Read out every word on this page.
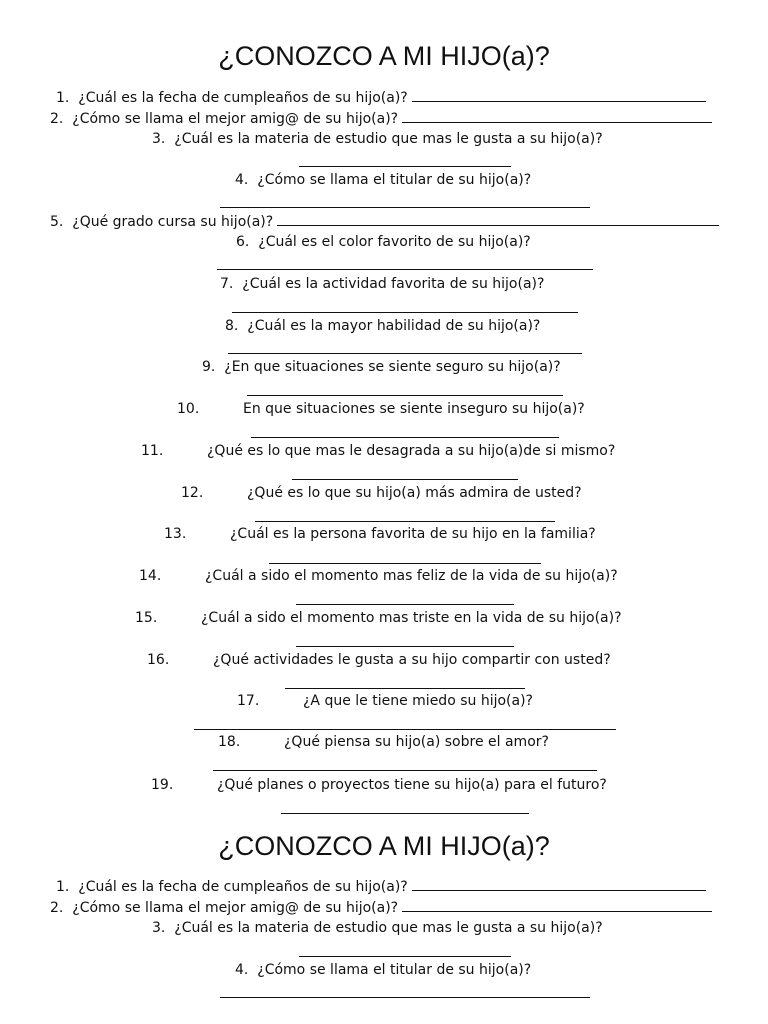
¿CONOZCO A MI HIJO(a)?
1. ¿Cuál es la fecha de cumpleaños de su hijo(a)?
2. ¿Cómo se llama el mejor amig@ de su hijo(a)?
3. ¿Cuál es la materia de estudio que mas le gusta a su hijo(a)?
4. ¿Cómo se llama el titular de su hijo(a)?
5. ¿Qué grado cursa su hijo(a)?
6. ¿Cuál es el color favorito de su hijo(a)?
7. ¿Cuál es la actividad favorita de su hijo(a)?
8. ¿Cuál es la mayor habilidad de su hijo(a)?
9. ¿En que situaciones se siente seguro su hijo(a)?
10.	En que situaciones se siente inseguro su hijo(a)?
11.	¿Qué es lo que mas le desagrada a su hijo(a)de si mismo?
12.	¿Qué es lo que su hijo(a) más admira de usted?
13.	¿Cuál es la persona favorita de su hijo en la familia?
14.	¿Cuál a sido el momento mas feliz de la vida de su hijo(a)?
15.	¿Cuál a sido el momento mas triste en la vida de su hijo(a)?
16.	¿Qué actividades le gusta a su hijo compartir con usted?
17.	¿A que le tiene miedo su hijo(a)?
18.	¿Qué piensa su hijo(a) sobre el amor?
19.	¿Qué planes o proyectos tiene su hijo(a) para el futuro?
¿CONOZCO A MI HIJO(a)?
1. ¿Cuál es la fecha de cumpleaños de su hijo(a)?
2. ¿Cómo se llama el mejor amig@ de su hijo(a)?
3. ¿Cuál es la materia de estudio que mas le gusta a su hijo(a)?
4. ¿Cómo se llama el titular de su hijo(a)?
